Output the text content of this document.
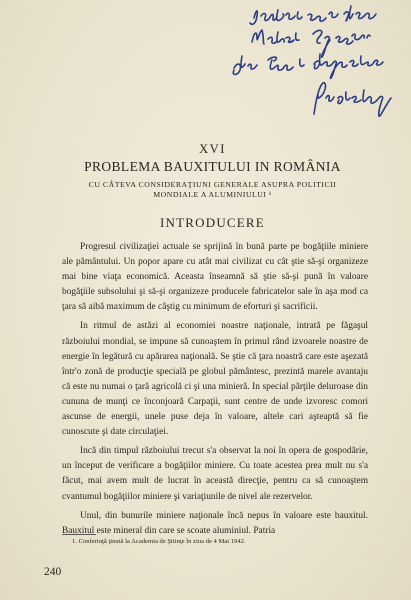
XVI
PROBLEMA BAUXITULUI IN ROMÂNIA
CU CÂTEVA CONSIDERAŢIUNI GENERALE ASUPRA POLITICII
MONDIALE A ALUMINIULUI ¹
INTRODUCERE

Progresul civilizaţiei actuale se sprijină în bună parte pe bogăţiile miniere ale pământului. Un popor apare cu atât mai civilizat cu cât ştie să-şi organizeze mai bine viaţa economică. Aceasta înseamnă să ştie să-şi pună în valoare bogăţiile subsolului şi să-şi organizeze producele fabricatelor sale în aşa mod ca ţara să aibă maximum de câştig cu minimum de eforturi şi sacrificii.

In ritmul de astăzi al economiei noastre naţionale, intrată pe făgaşul războiului mondial, se impune să cunoaştem în primul rând izvoarele noastre de energie în legătură cu apărarea naţională. Se ştie că ţara noastră care este aşezată într'o zonă de producţie specială pe globul pământesc, prezintă marele avantaju că este nu numai o ţară agricolă ci şi una minieră. In special părţile deluroase din cununa de munţi ce înconjoară Carpaţii, sunt centre de unde izvoresc comori ascunse de energii, unele puse deja în valoare, altele cari aşteaptă să fie cunoscute şi date circulaţiei.

Incă din timpul războiului trecut s'a observat la noi în opera de gospodărie, un început de verificare a bogăţiilor miniere. Cu toate acestea prea mult nu s'a făcut, mai avem mult de lucrat în această direcţie, pentru ca să cunoaştem cvantumul bogăţiilor miniere şi variaţiunile de nivel ale rezervelor.

Unul, din bunurile miniere naţionale încă nepus în valoare este bauxitul. Bauxitul este mineral din care se scoate aluminiul. Patria

1. Conferinţă ţinută la Academia de Ştiinţe în ziua de 4 Mai 1942.
240
